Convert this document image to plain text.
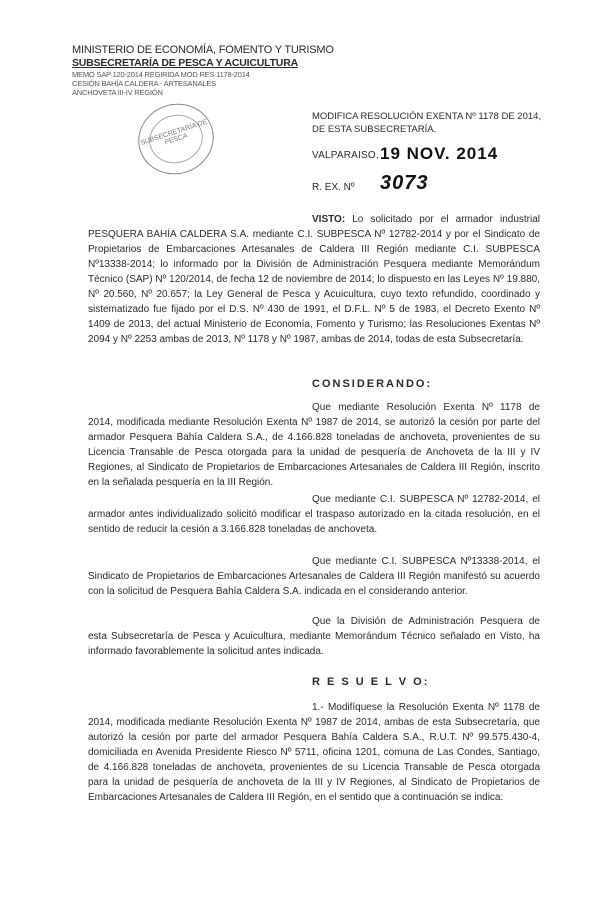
MINISTERIO DE ECONOMÍA, FOMENTO Y TURISMO
SUBSECRETARÍA DE PESCA Y ACUICULTURA
MEMO SAP 120-2014 REGIRIDA MOD RES 1178-2014
CESIÓN BAHÍA CALDERA - ARTESANALES
ANCHOVETA III-IV REGIÓN
SUBSECRETARÍA DE PESCA
MODIFICA RESOLUCIÓN EXENTA Nº 1178 DE 2014, DE ESTA SUBSECRETARÍA.
VALPARAISO, 19 NOV. 2014
R. EX. Nº 3073
VISTO: Lo solicitado por el armador industrial PESQUERA BAHÍA CALDERA S.A. mediante C.I. SUBPESCA Nº 12782-2014 y por el Sindicato de Propietarios de Embarcaciones Artesanales de Caldera III Región mediante C.I. SUBPESCA Nº13338-2014; lo informado por la División de Administración Pesquera mediante Memorándum Técnico (SAP) Nº 120/2014, de fecha 12 de noviembre de 2014; lo dispuesto en las Leyes Nº 19.880, Nº 20.560, Nº 20.657; la Ley General de Pesca y Acuicultura, cuyo texto refundido, coordinado y sistematizado fue fijado por el D.S. Nº 430 de 1991, el D.F.L. Nº 5 de 1983, el Decreto Exento Nº 1409 de 2013, del actual Ministerio de Economía, Fomento y Turismo; las Resoluciones Exentas Nº 2094 y Nº 2253 ambas de 2013, Nº 1178 y Nº 1987, ambas de 2014, todas de esta Subsecretaría.
CONSIDERANDO:
Que mediante Resolución Exenta Nº 1178 de 2014, modificada mediante Resolución Exenta Nº 1987 de 2014, se autorizó la cesión por parte del armador Pesquera Bahía Caldera S.A., de 4.166.828 toneladas de anchoveta, provenientes de su Licencia Transable de Pesca otorgada para la unidad de pesquería de Anchoveta de la III y IV Regiones, al Sindicato de Propietarios de Embarcaciones Artesanales de Caldera III Región, inscrito en la señalada pesquería en la III Región.
Que mediante C.I. SUBPESCA Nº 12782-2014, el armador antes individualizado solicitó modificar el traspaso autorizado en la citada resolución, en el sentido de reducir la cesión a 3.166.828 toneladas de anchoveta.
Que mediante C.I. SUBPESCA Nº13338-2014, el Sindicato de Propietarios de Embarcaciones Artesanales de Caldera III Región manifestó su acuerdo con la solicitud de Pesquera Bahía Caldera S.A. indicada en el considerando anterior.
Que la División de Administración Pesquera de esta Subsecretaría de Pesca y Acuicultura, mediante Memorándum Técnico señalado en Visto, ha informado favorablemente la solicitud antes indicada.
R E S U E L V O:
1.- Modifíquese la Resolución Exenta Nº 1178 de 2014, modificada mediante Resolución Exenta Nº 1987 de 2014, ambas de esta Subsecretaría, que autorizó la cesión por parte del armador Pesquera Bahía Caldera S.A., R.U.T. Nº 99.575.430-4, domiciliada en Avenida Presidente Riesco Nº 5711, oficina 1201, comuna de Las Condes, Santiago, de 4.166.828 toneladas de anchoveta, provenientes de su Licencia Transable de Pesca otorgada para la unidad de pesquería de anchoveta de la III y IV Regiones, al Sindicato de Propietarios de Embarcaciones Artesanales de Caldera III Región, en el sentido que a continuación se indica:
